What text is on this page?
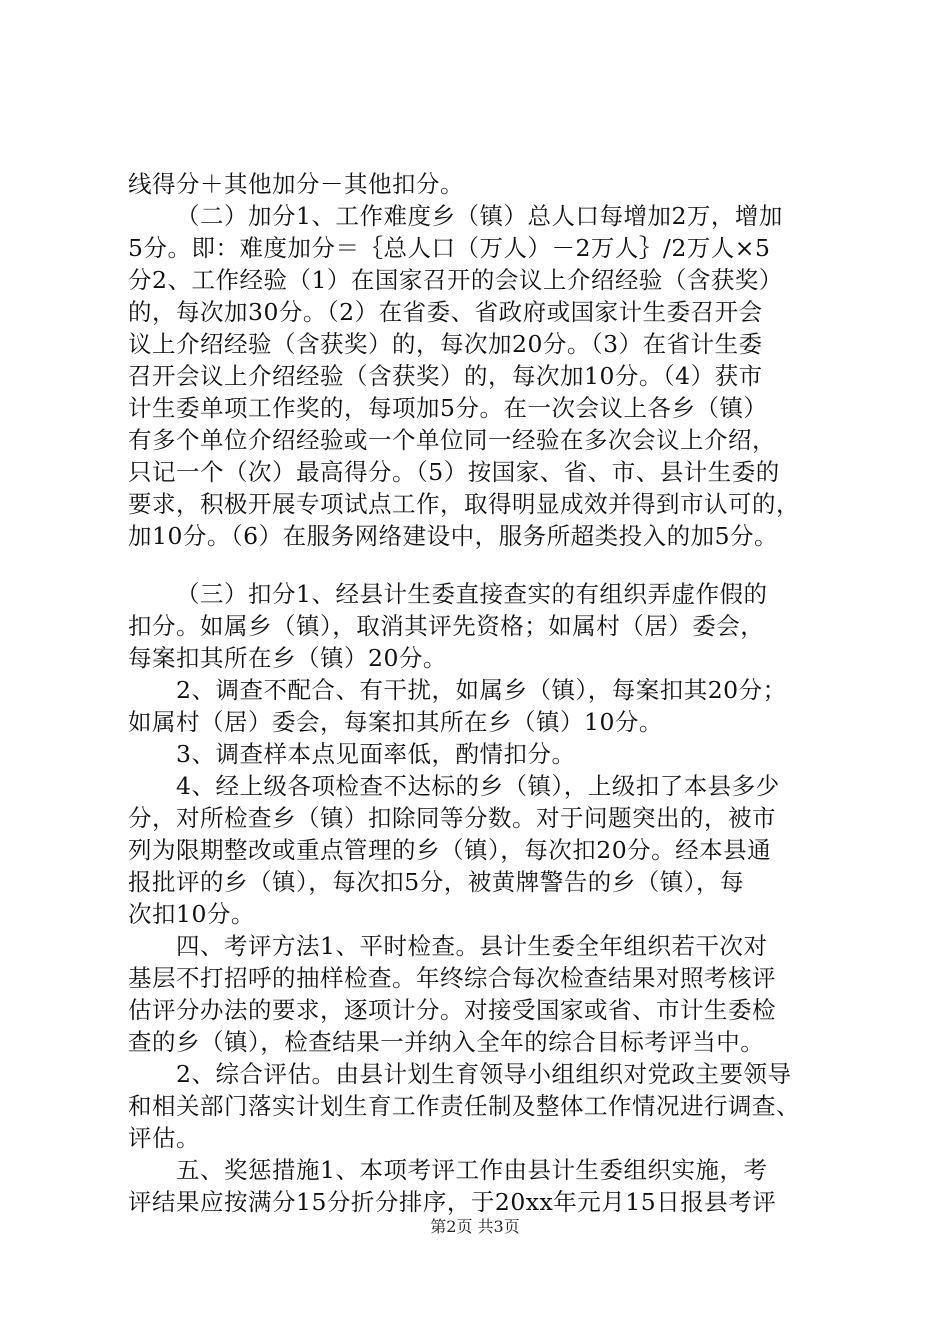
线得分＋其他加分－其他扣分。
（二）加分1、工作难度乡（镇）总人口每增加2万，增加
5分。即：难度加分＝｛总人口（万人）－2万人｝/2万人×5
分2、工作经验（1）在国家召开的会议上介绍经验（含获奖）
的，每次加30分。（2）在省委、省政府或国家计生委召开会
议上介绍经验（含获奖）的，每次加20分。（3）在省计生委
召开会议上介绍经验（含获奖）的，每次加10分。（4）获市
计生委单项工作奖的，每项加5分。在一次会议上各乡（镇）
有多个单位介绍经验或一个单位同一经验在多次会议上介绍，
只记一个（次）最高得分。（5）按国家、省、市、县计生委的
要求，积极开展专项试点工作，取得明显成效并得到市认可的，
加10分。（6）在服务网络建设中，服务所超类投入的加5分。
（三）扣分1、经县计生委直接查实的有组织弄虚作假的
扣分。如属乡（镇），取消其评先资格；如属村（居）委会，
每案扣其所在乡（镇）20分。
2、调查不配合、有干扰，如属乡（镇），每案扣其20分；
如属村（居）委会，每案扣其所在乡（镇）10分。
3、调查样本点见面率低，酌情扣分。
4、经上级各项检查不达标的乡（镇），上级扣了本县多少
分，对所检查乡（镇）扣除同等分数。对于问题突出的，被市
列为限期整改或重点管理的乡（镇），每次扣20分。经本县通
报批评的乡（镇），每次扣5分，被黄牌警告的乡（镇），每
次扣10分。
四、考评方法1、平时检查。县计生委全年组织若干次对
基层不打招呼的抽样检查。年终综合每次检查结果对照考核评
估评分办法的要求，逐项计分。对接受国家或省、市计生委检
查的乡（镇），检查结果一并纳入全年的综合目标考评当中。
2、综合评估。由县计划生育领导小组组织对党政主要领导
和相关部门落实计划生育工作责任制及整体工作情况进行调查、
评估。
五、奖惩措施1、本项考评工作由县计生委组织实施，考
评结果应按满分15分折分排序，于20xx年元月15日报县考评
第2页 共3页
